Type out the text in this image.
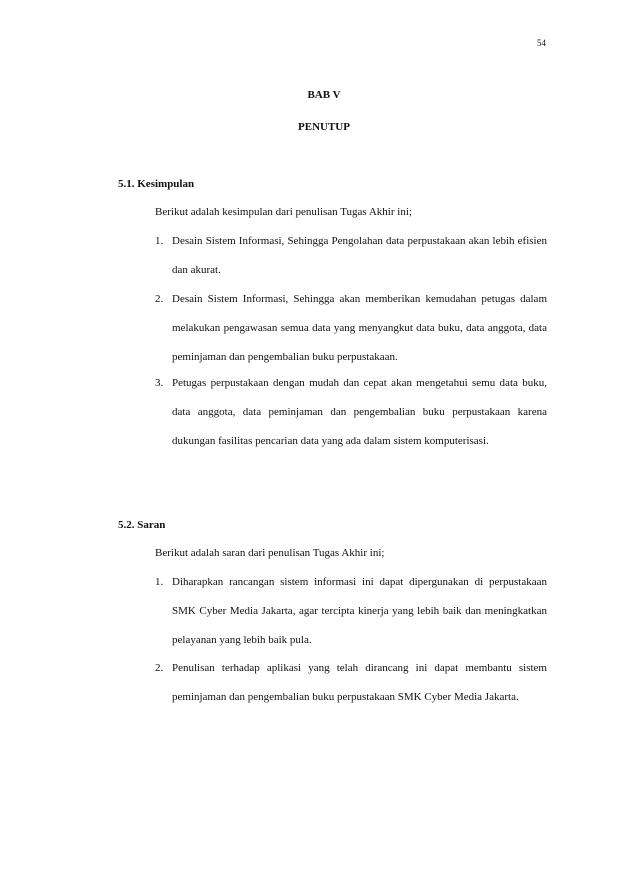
54
BAB V
PENUTUP
5.1. Kesimpulan
Berikut adalah kesimpulan dari penulisan Tugas Akhir ini;
1. Desain Sistem Informasi, Sehingga Pengolahan data perpustakaan akan lebih efisien dan akurat.
2. Desain Sistem Informasi, Sehingga akan memberikan kemudahan petugas dalam melakukan pengawasan semua data yang menyangkut data buku, data anggota, data peminjaman dan pengembalian buku perpustakaan.
3. Petugas perpustakaan dengan mudah dan cepat akan mengetahui semu data buku, data anggota, data peminjaman dan pengembalian buku perpustakaan karena dukungan fasilitas pencarian data yang ada dalam sistem komputerisasi.
5.2. Saran
Berikut adalah saran dari penulisan Tugas Akhir ini;
1. Diharapkan rancangan sistem informasi ini dapat dipergunakan di perpustakaan SMK Cyber Media Jakarta, agar tercipta kinerja yang lebih baik dan meningkatkan pelayanan yang lebih baik pula.
2. Penulisan terhadap aplikasi yang telah dirancang ini dapat membantu sistem peminjaman dan pengembalian buku perpustakaan SMK Cyber Media Jakarta.
